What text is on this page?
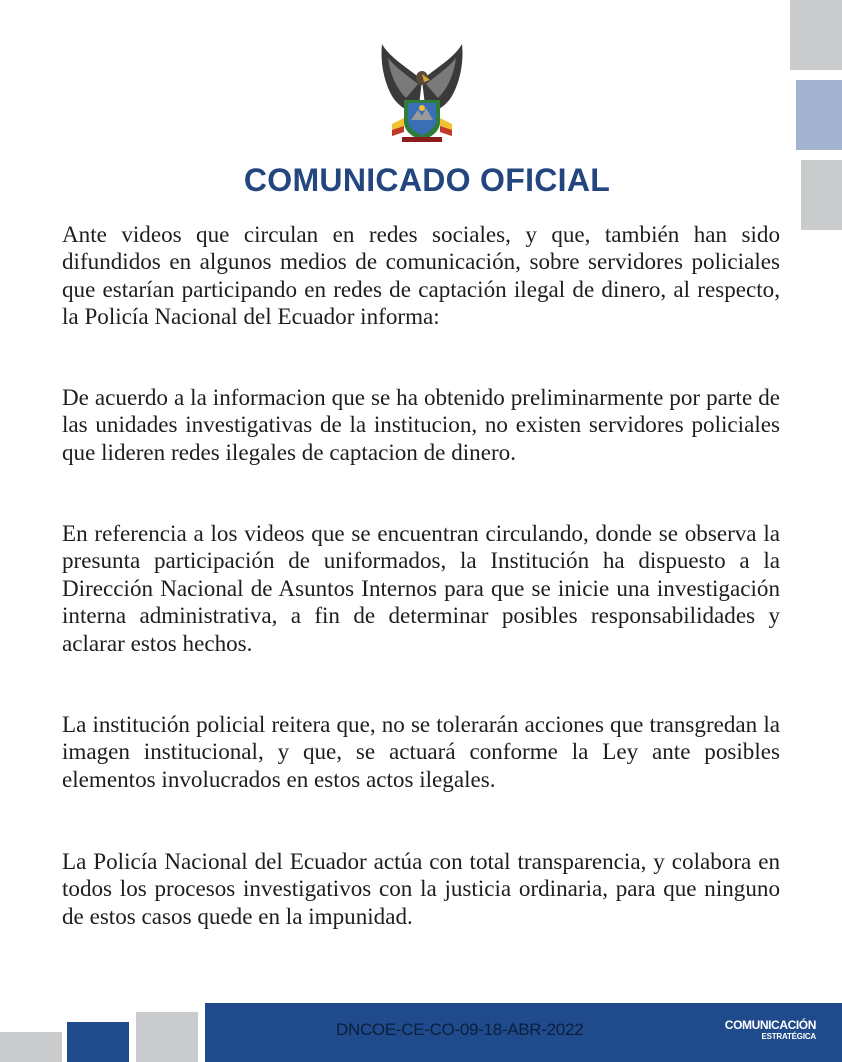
COMUNICADO OFICIAL

Ante videos que circulan en redes sociales, y que, también han sido difundidos en algunos medios de comunicación, sobre servidores policiales que estarían participando en redes de captación ilegal de dinero, al respecto, la Policía Nacional del Ecuador informa:

De acuerdo a la informacion que se ha obtenido preliminarmente por parte de las unidades investigativas de la institucion, no existen servidores policiales que lideren redes ilegales de captacion de dinero.

En referencia a los videos que se encuentran circulando, donde se observa la presunta participación de uniformados, la Institución ha dispuesto a la Dirección Nacional de Asuntos Internos para que se inicie una investigación interna administrativa, a fin de determinar posibles responsabilidades y aclarar estos hechos.

La institución policial reitera que, no se tolerarán acciones que transgredan la imagen institucional, y que, se actuará conforme la Ley ante posibles elementos involucrados en estos actos ilegales.

La Policía Nacional del Ecuador actúa con total transparencia, y colabora en todos los procesos investigativos con la justicia ordinaria, para que ninguno de estos casos quede en la impunidad.

DNCOE-CE-CO-09-18-ABR-2022	COMUNICACIÓN
ESTRATÉGICA
